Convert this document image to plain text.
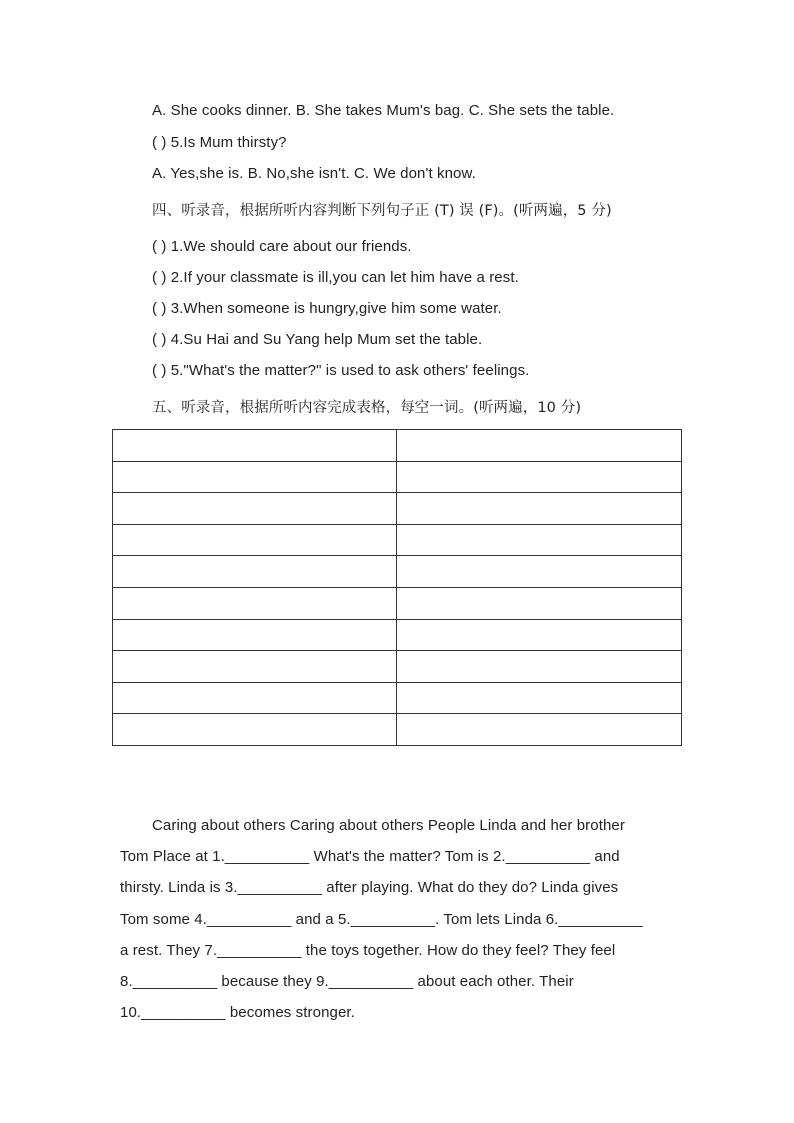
A. She cooks dinner. B. She takes Mum's bag. C. She sets the table.
( ) 5.Is Mum thirsty?
A. Yes,she is. B. No,she isn't. C. We don't know.
四、听录音，根据所听内容判断下列句子正 (T) 误 (F)。(听两遍，5 分)
( ) 1.We should care about our friends.
( ) 2.If your classmate is ill,you can let him have a rest.
( ) 3.When someone is hungry,give him some water.
( ) 4.Su Hai and Su Yang help Mum set the table.
( ) 5."What's the matter?" is used to ask others' feelings.
五、听录音，根据所听内容完成表格，每空一词。(听两遍，10 分)

Caring about others Caring about others People Linda and her brother
Tom Place at 1.__________ What's the matter? Tom is 2.__________ and
thirsty. Linda is 3.__________ after playing. What do they do? Linda gives
Tom some 4.__________ and a 5.__________. Tom lets Linda 6.__________
a rest. They 7.__________ the toys together. How do they feel? They feel
8.__________ because they 9.__________ about each other. Their
10.__________ becomes stronger.
